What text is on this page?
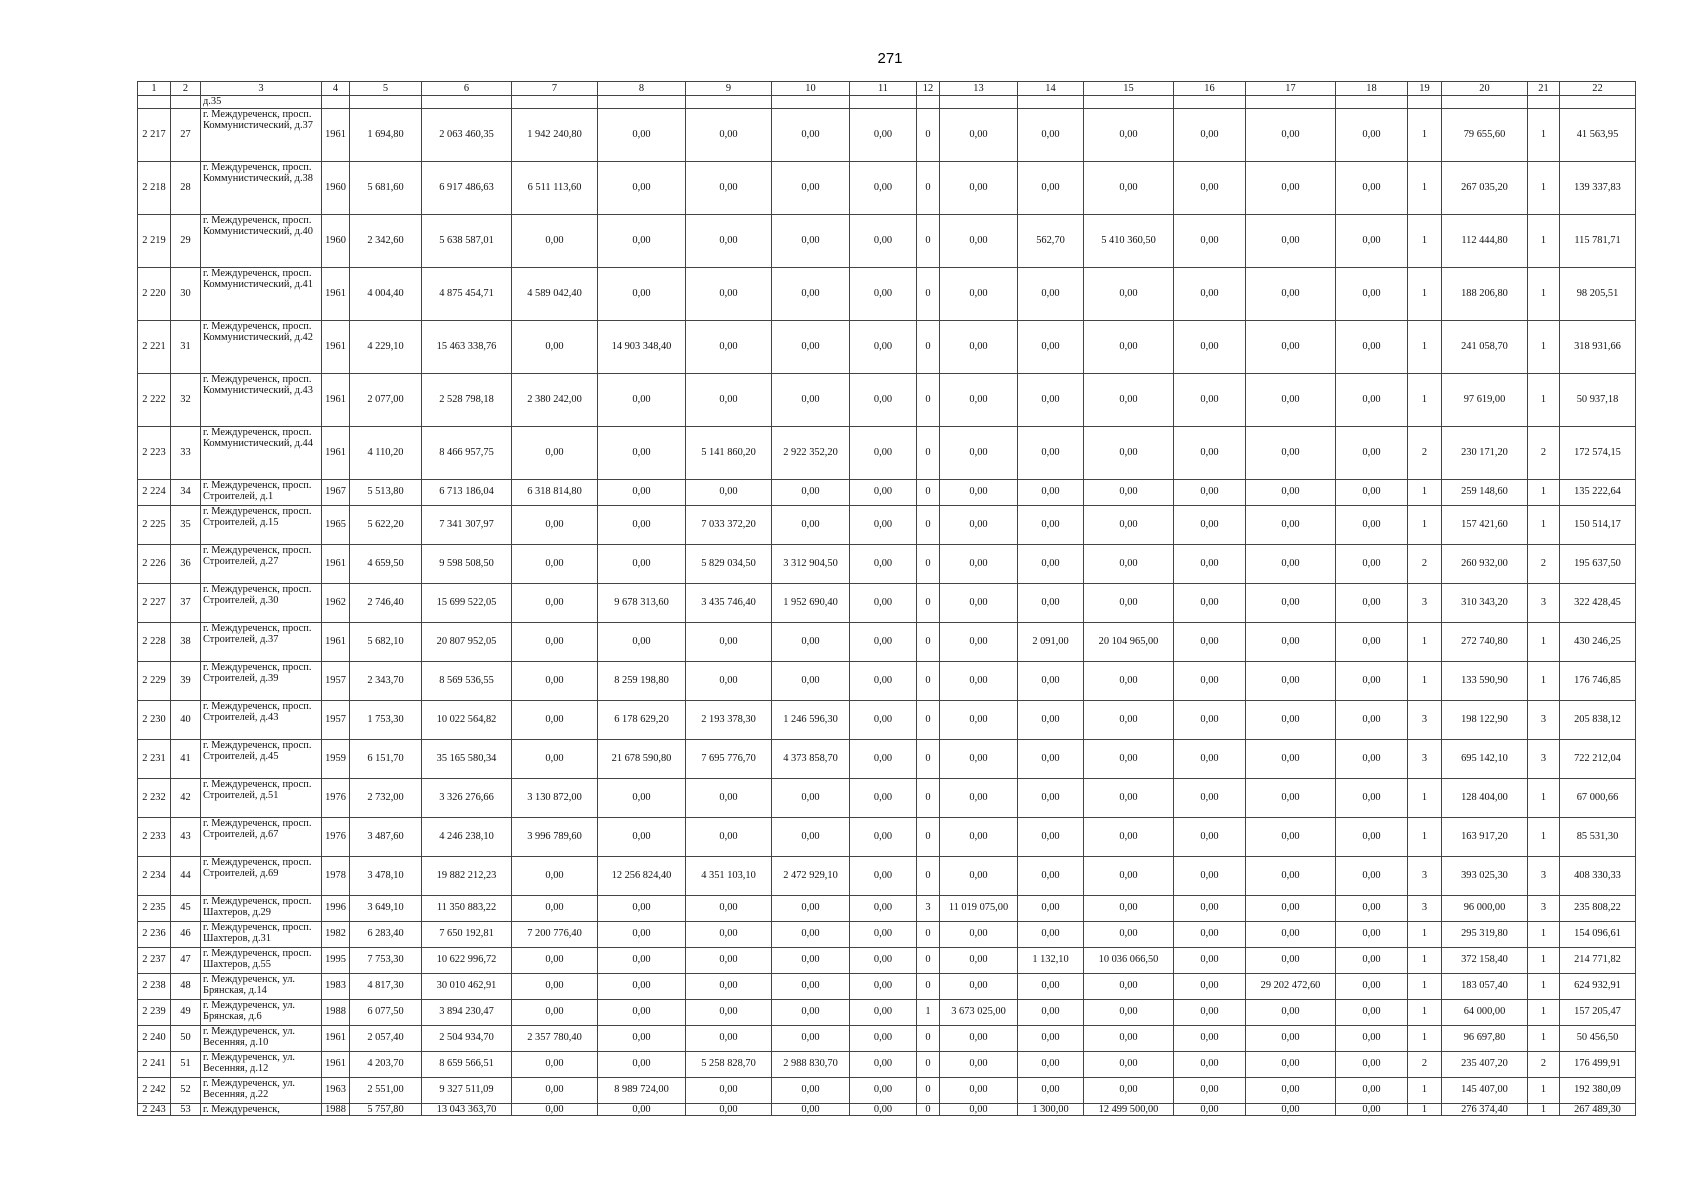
271
1	2	3	4	5	6	7	8	9	10	11	12	13	14	15	16	17	18	19	20	21	22
		д.35																			
2 217	27	г. Междуреченск, просп. Коммунистический, д.37	1961	1 694,80	2 063 460,35	1 942 240,80	0,00	0,00	0,00	0,00	0	0,00	0,00	0,00	0,00	0,00	0,00	1	79 655,60	1	41 563,95
2 218	28	г. Междуреченск, просп. Коммунистический, д.38	1960	5 681,60	6 917 486,63	6 511 113,60	0,00	0,00	0,00	0,00	0	0,00	0,00	0,00	0,00	0,00	0,00	1	267 035,20	1	139 337,83
2 219	29	г. Междуреченск, просп. Коммунистический, д.40	1960	2 342,60	5 638 587,01	0,00	0,00	0,00	0,00	0,00	0	0,00	562,70	5 410 360,50	0,00	0,00	0,00	1	112 444,80	1	115 781,71
2 220	30	г. Междуреченск, просп. Коммунистический, д.41	1961	4 004,40	4 875 454,71	4 589 042,40	0,00	0,00	0,00	0,00	0	0,00	0,00	0,00	0,00	0,00	0,00	1	188 206,80	1	98 205,51
2 221	31	г. Междуреченск, просп. Коммунистический, д.42	1961	4 229,10	15 463 338,76	0,00	14 903 348,40	0,00	0,00	0,00	0	0,00	0,00	0,00	0,00	0,00	0,00	1	241 058,70	1	318 931,66
2 222	32	г. Междуреченск, просп. Коммунистический, д.43	1961	2 077,00	2 528 798,18	2 380 242,00	0,00	0,00	0,00	0,00	0	0,00	0,00	0,00	0,00	0,00	0,00	1	97 619,00	1	50 937,18
2 223	33	г. Междуреченск, просп. Коммунистический, д.44	1961	4 110,20	8 466 957,75	0,00	0,00	5 141 860,20	2 922 352,20	0,00	0	0,00	0,00	0,00	0,00	0,00	0,00	2	230 171,20	2	172 574,15
2 224	34	г. Междуреченск, просп. Строителей, д.1	1967	5 513,80	6 713 186,04	6 318 814,80	0,00	0,00	0,00	0,00	0	0,00	0,00	0,00	0,00	0,00	0,00	1	259 148,60	1	135 222,64
2 225	35	г. Междуреченск, просп. Строителей, д.15	1965	5 622,20	7 341 307,97	0,00	0,00	7 033 372,20	0,00	0,00	0	0,00	0,00	0,00	0,00	0,00	0,00	1	157 421,60	1	150 514,17
2 226	36	г. Междуреченск, просп. Строителей, д.27	1961	4 659,50	9 598 508,50	0,00	0,00	5 829 034,50	3 312 904,50	0,00	0	0,00	0,00	0,00	0,00	0,00	0,00	2	260 932,00	2	195 637,50
2 227	37	г. Междуреченск, просп. Строителей, д.30	1962	2 746,40	15 699 522,05	0,00	9 678 313,60	3 435 746,40	1 952 690,40	0,00	0	0,00	0,00	0,00	0,00	0,00	0,00	3	310 343,20	3	322 428,45
2 228	38	г. Междуреченск, просп. Строителей, д.37	1961	5 682,10	20 807 952,05	0,00	0,00	0,00	0,00	0,00	0	0,00	2 091,00	20 104 965,00	0,00	0,00	0,00	1	272 740,80	1	430 246,25
2 229	39	г. Междуреченск, просп. Строителей, д.39	1957	2 343,70	8 569 536,55	0,00	8 259 198,80	0,00	0,00	0,00	0	0,00	0,00	0,00	0,00	0,00	0,00	1	133 590,90	1	176 746,85
2 230	40	г. Междуреченск, просп. Строителей, д.43	1957	1 753,30	10 022 564,82	0,00	6 178 629,20	2 193 378,30	1 246 596,30	0,00	0	0,00	0,00	0,00	0,00	0,00	0,00	3	198 122,90	3	205 838,12
2 231	41	г. Междуреченск, просп. Строителей, д.45	1959	6 151,70	35 165 580,34	0,00	21 678 590,80	7 695 776,70	4 373 858,70	0,00	0	0,00	0,00	0,00	0,00	0,00	0,00	3	695 142,10	3	722 212,04
2 232	42	г. Междуреченск, просп. Строителей, д.51	1976	2 732,00	3 326 276,66	3 130 872,00	0,00	0,00	0,00	0,00	0	0,00	0,00	0,00	0,00	0,00	0,00	1	128 404,00	1	67 000,66
2 233	43	г. Междуреченск, просп. Строителей, д.67	1976	3 487,60	4 246 238,10	3 996 789,60	0,00	0,00	0,00	0,00	0	0,00	0,00	0,00	0,00	0,00	0,00	1	163 917,20	1	85 531,30
2 234	44	г. Междуреченск, просп. Строителей, д.69	1978	3 478,10	19 882 212,23	0,00	12 256 824,40	4 351 103,10	2 472 929,10	0,00	0	0,00	0,00	0,00	0,00	0,00	0,00	3	393 025,30	3	408 330,33
2 235	45	г. Междуреченск, просп. Шахтеров, д.29	1996	3 649,10	11 350 883,22	0,00	0,00	0,00	0,00	0,00	3	11 019 075,00	0,00	0,00	0,00	0,00	0,00	3	96 000,00	3	235 808,22
2 236	46	г. Междуреченск, просп. Шахтеров, д.31	1982	6 283,40	7 650 192,81	7 200 776,40	0,00	0,00	0,00	0,00	0	0,00	0,00	0,00	0,00	0,00	0,00	1	295 319,80	1	154 096,61
2 237	47	г. Междуреченск, просп. Шахтеров, д.55	1995	7 753,30	10 622 996,72	0,00	0,00	0,00	0,00	0,00	0	0,00	1 132,10	10 036 066,50	0,00	0,00	0,00	1	372 158,40	1	214 771,82
2 238	48	г. Междуреченск, ул. Брянская, д.14	1983	4 817,30	30 010 462,91	0,00	0,00	0,00	0,00	0,00	0	0,00	0,00	0,00	0,00	29 202 472,60	0,00	1	183 057,40	1	624 932,91
2 239	49	г. Междуреченск, ул. Брянская, д.6	1988	6 077,50	3 894 230,47	0,00	0,00	0,00	0,00	0,00	1	3 673 025,00	0,00	0,00	0,00	0,00	0,00	1	64 000,00	1	157 205,47
2 240	50	г. Междуреченск, ул. Весенняя, д.10	1961	2 057,40	2 504 934,70	2 357 780,40	0,00	0,00	0,00	0,00	0	0,00	0,00	0,00	0,00	0,00	0,00	1	96 697,80	1	50 456,50
2 241	51	г. Междуреченск, ул. Весенняя, д.12	1961	4 203,70	8 659 566,51	0,00	0,00	5 258 828,70	2 988 830,70	0,00	0	0,00	0,00	0,00	0,00	0,00	0,00	2	235 407,20	2	176 499,91
2 242	52	г. Междуреченск, ул. Весенняя, д.22	1963	2 551,00	9 327 511,09	0,00	8 989 724,00	0,00	0,00	0,00	0	0,00	0,00	0,00	0,00	0,00	0,00	1	145 407,00	1	192 380,09
2 243	53	г. Междуреченск,	1988	5 757,80	13 043 363,70	0,00	0,00	0,00	0,00	0,00	0	0,00	1 300,00	12 499 500,00	0,00	0,00	0,00	1	276 374,40	1	267 489,30
